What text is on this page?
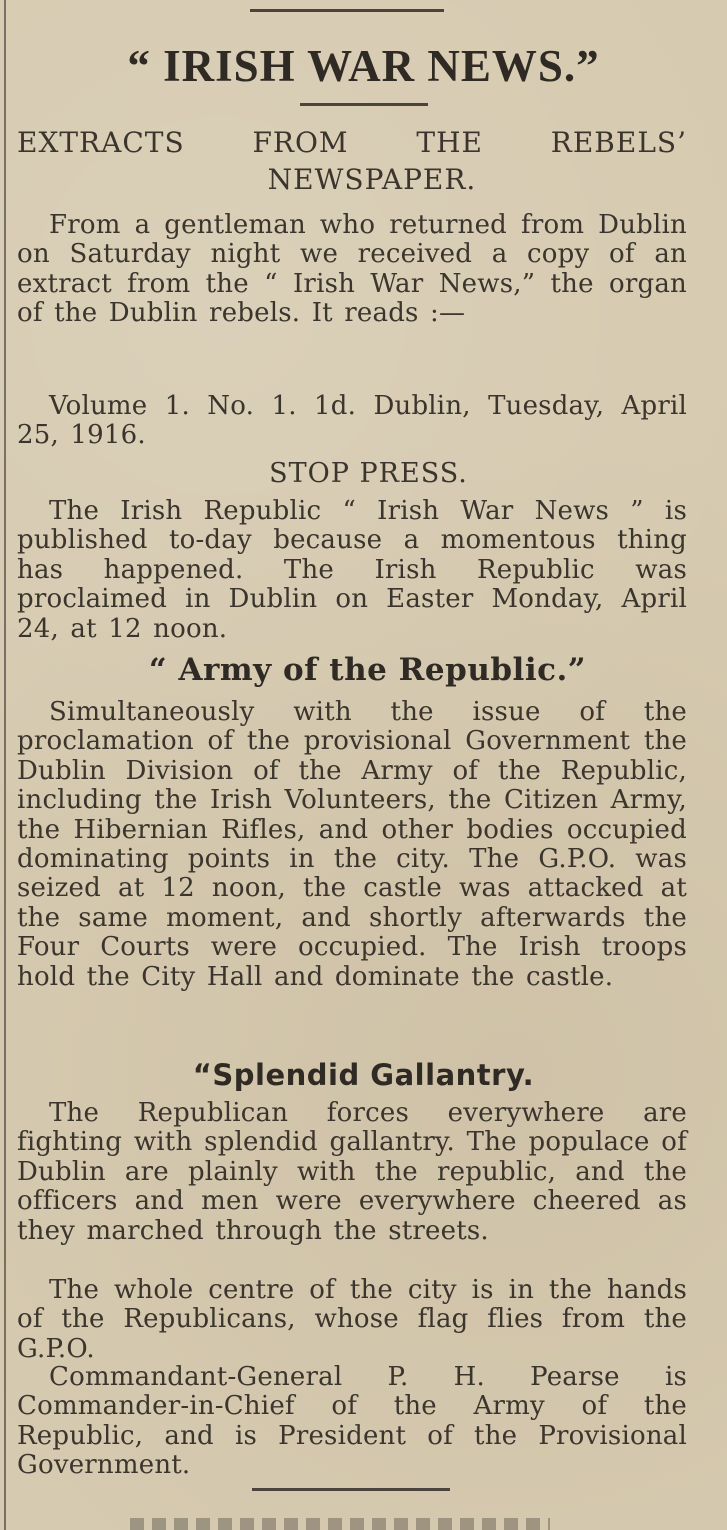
“ IRISH WAR NEWS.”
EXTRACTS FROM THE REBELS’
NEWSPAPER.

From a gentleman who returned from Dublin on Saturday night we received a copy of an extract from the “ Irish War News,” the organ of the Dublin rebels. It reads :—

Volume 1. No. 1. 1d. Dublin, Tuesday, April 25, 1916.

STOP PRESS.

The Irish Republic “ Irish War News ” is published to-day because a momentous thing has happened. The Irish Republic was proclaimed in Dublin on Easter Monday, April 24, at 12 noon.

“ Army of the Republic.”

Simultaneously with the issue of the proclamation of the provisional Government the Dublin Division of the Army of the Republic, including the Irish Volunteers, the Citizen Army, the Hibernian Rifles, and other bodies occupied dominating points in the city. The G.P.O. was seized at 12 noon, the castle was attacked at the same moment, and shortly afterwards the Four Courts were occupied. The Irish troops hold the City Hall and dominate the castle.

“Splendid Gallantry.

The Republican forces everywhere are fighting with splendid gallantry. The populace of Dublin are plainly with the republic, and the officers and men were everywhere cheered as they marched through the streets.

The whole centre of the city is in the hands of the Republicans, whose flag flies from the G.P.O.

Commandant-General P. H. Pearse is Commander-in-Chief of the Army of the Republic, and is President of the Provisional Government.
